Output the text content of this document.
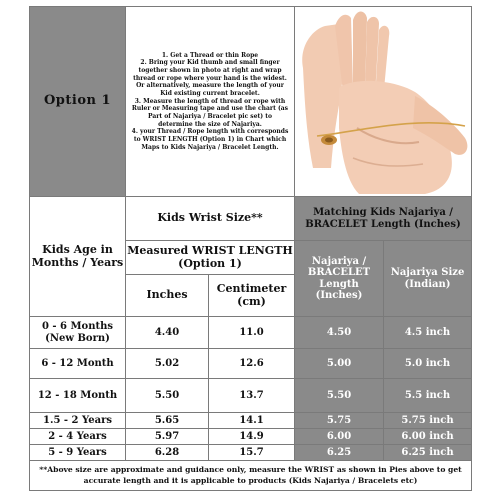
Option 1	1. Get a Thread or thin Rope
2. Bring your Kid thumb and small finger together shown in photo at right and wrap thread or rope where your hand is the widest. Or alternatively, measure the length of your Kid existing current bracelet.
3. Measure the length of thread or rope with Ruler or Measuring tape and use the chart (as Part of Najariya / Bracelet pic set) to determine the size of Najariya.
4. your Thread / Rope length with corresponds to WRIST LENGTH (Option 1) in Chart which Maps to Kids Najariya / Bracelet Length.

Kids Age in Months / Years	Kids Wrist Size**		Matching Kids Najariya / BRACELET Length (Inches)	
	Measured WRIST LENGTH (Option 1)		Najariya / BRACELET Length (Inches)	Najariya Size (Indian)
	Inches	Centimeter (cm)		
0 - 6 Months (New Born)	4.40	11.0	4.50	4.5 inch
6 - 12 Month	5.02	12.6	5.00	5.0 inch
12 - 18 Month	5.50	13.7	5.50	5.5 inch
1.5 - 2 Years	5.65	14.1	5.75	5.75 inch
2 - 4 Years	5.97	14.9	6.00	6.00 inch
5 - 9 Years	6.28	15.7	6.25	6.25 inch
**Above size are approximate and guidance only, measure the WRIST as shown in Pies above to get accurate length and it is applicable to products (Kids Najariya / Bracelets etc)				
